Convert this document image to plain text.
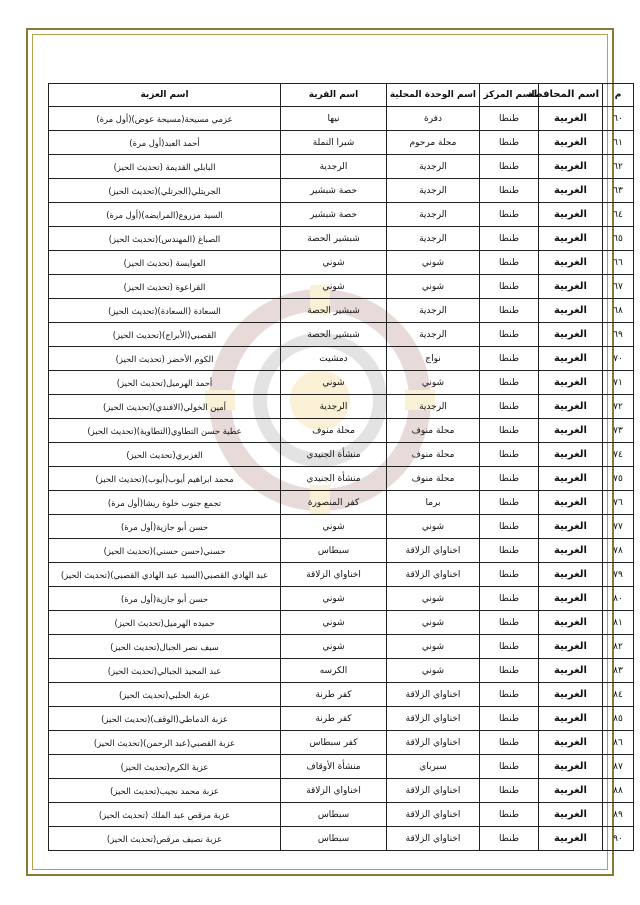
م	اسم المحافظة	اسم المركز	اسم الوحدة المحلية	اسم القرية	اسم العزبة
٦٠	الغربية	طنطا	دفرة	نيها	عزمي مسيحة(مسيحة عوض)(أول مرة)
٦١	الغربية	طنطا	محلة مرحوم	شبرا النملة	أحمد العبد(أول مرة)
٦٢	الغربية	طنطا	الرجدية	الرجدية	البابلي القديمة (تحديث الحيز)
٦٣	الغربية	طنطا	الرجدية	حصة شبشير	الجريتلي(الجرتلي)(تحديث الحيز)
٦٤	الغربية	طنطا	الرجدية	حصة شبشير	السيد مزروع(المرايضه)(أول مرة)
٦٥	الغربية	طنطا	الرجدية	شبشير الحصة	الصباغ (المهندس)(تحديث الحيز)
٦٦	الغربية	طنطا	شوني	شوني	العوايسة (تحديث الحيز)
٦٧	الغربية	طنطا	شوني	شوني	القراعوة (تحديث الحيز)
٦٨	الغربية	طنطا	الرجدية	شبشير الحصة	السعادة (السعادة)(تحديث الحيز)
٦٩	الغربية	طنطا	الرجدية	شبشير الحصة	القصبي(الأبراج)(تحديث الحيز)
٧٠	الغربية	طنطا	نواج	دمشيت	الكوم الأخضر (تحديث الحيز)
٧١	الغربية	طنطا	شوني	شوني	أحمد الهرميل(تحديث الحيز)
٧٢	الغربية	طنطا	الرجدية	الرجدية	أمين الخولي(الافندي)(تحديث الحيز)
٧٣	الغربية	طنطا	محلة منوف	محلة منوف	عطية حسن التطاوي(التطاوية)(تحديث الحيز)
٧٤	الغربية	طنطا	محلة منوف	منشأة الجنيدي	الغزبري(تحديث الحيز)
٧٥	الغربية	طنطا	محلة منوف	منشأة الجنيدي	محمد ابراهيم أيوب(أيوب)(تحديث الحيز)
٧٦	الغربية	طنطا	برما	كفر المنصورة	تجمع جنوب خلوة ريشا(أول مرة)
٧٧	الغربية	طنطا	شوني	شوني	حسن أبو جازية(أول مرة)
٧٨	الغربية	طنطا	اخناواي الزلاقة	سبطاس	حسني(حسن حسني)(تحديث الحيز)
٧٩	الغربية	طنطا	اخناواي الزلاقة	اخناواي الزلاقة	عبد الهادي القصبي(السيد عبد الهادي القصبي)(تحديث الحيز)
٨٠	الغربية	طنطا	شوني	شوني	حسن أبو جازية(أول مرة)
٨١	الغربية	طنطا	شوني	شوني	حميده الهرميل(تحديث الحيز)
٨٢	الغربية	طنطا	شوني	شوني	سيف نصر الجبال(تحديث الحيز)
٨٣	الغربية	طنطا	شوني	الكرسه	عبد المجيد الجبالي(تحديث الحيز)
٨٤	الغربية	طنطا	اخناواي الزلاقة	كفر طرنة	عزبة الحلبي(تحديث الحيز)
٨٥	الغربية	طنطا	اخناواي الزلاقة	كفر طرنة	عزبة الدماطي(الوقف)(تحديث الحيز)
٨٦	الغربية	طنطا	اخناواي الزلاقة	كفر سبطاس	عزبة القصبي(عبد الرحمن)(تحديث الحيز)
٨٧	الغربية	طنطا	سبرباي	منشأة الأوقاف	عزبة الكرم(تحديث الحيز)
٨٨	الغربية	طنطا	اخناواي الزلاقة	اخناواي الزلاقة	عزبة محمد نجيب(تحديث الحيز)
٨٩	الغربية	طنطا	اخناواي الزلاقة	سبطاس	عزبة مرقص عبد الملك (تحديث الحيز)
٩٠	الغربية	طنطا	اخناواي الزلاقة	سبطاس	عزبة نصيف مرقص(تحديث الحيز)
